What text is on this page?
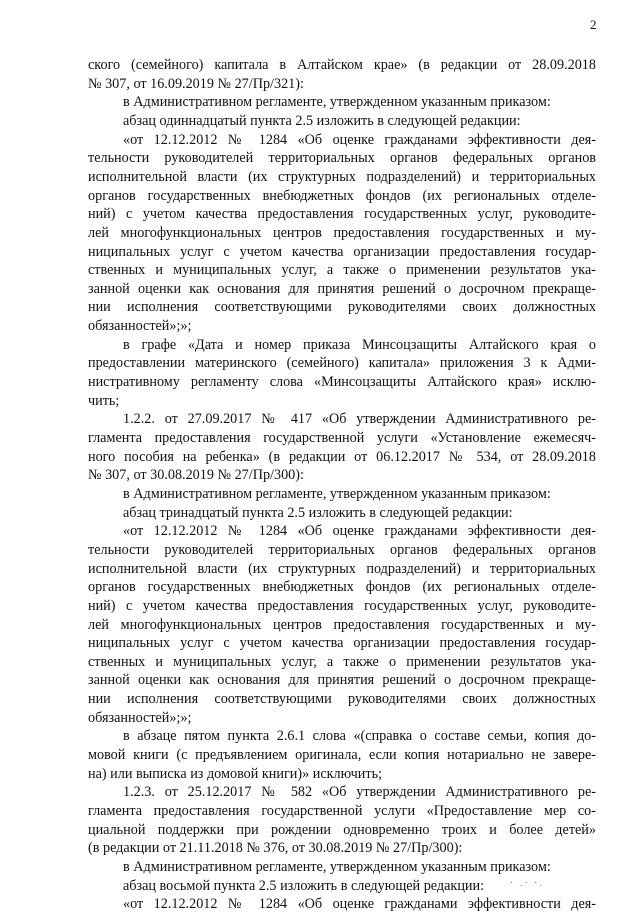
2
ского (семейного) капитала в Алтайском крае» (в редакции от 28.09.2018
№ 307, от 16.09.2019 № 27/Пр/321):
в Административном регламенте, утвержденном указанным приказом:
абзац одиннадцатый пункта 2.5 изложить в следующей редакции:
«от 12.12.2012 № 1284 «Об оценке гражданами эффективности дея-
тельности руководителей территориальных органов федеральных органов
исполнительной власти (их структурных подразделений) и территориальных
органов государственных внебюджетных фондов (их региональных отделе-
ний) с учетом качества предоставления государственных услуг, руководите-
лей многофункциональных центров предоставления государственных и му-
ниципальных услуг с учетом качества организации предоставления государ-
ственных и муниципальных услуг, а также о применении результатов ука-
занной оценки как основания для принятия решений о досрочном прекраще-
нии исполнения соответствующими руководителями своих должностных
обязанностей»;»;
в графе «Дата и номер приказа Минсоцзащиты Алтайского края о
предоставлении материнского (семейного) капитала» приложения 3 к Адми-
нистративному регламенту слова «Минсоцзащиты Алтайского края» исклю-
чить;
1.2.2. от 27.09.2017 № 417 «Об утверждении Административного ре-
гламента предоставления государственной услуги «Установление ежемесяч-
ного пособия на ребенка» (в редакции от 06.12.2017 № 534, от 28.09.2018
№ 307, от 30.08.2019 № 27/Пр/300):
в Административном регламенте, утвержденном указанным приказом:
абзац тринадцатый пункта 2.5 изложить в следующей редакции:
«от 12.12.2012 № 1284 «Об оценке гражданами эффективности дея-
тельности руководителей территориальных органов федеральных органов
исполнительной власти (их структурных подразделений) и территориальных
органов государственных внебюджетных фондов (их региональных отделе-
ний) с учетом качества предоставления государственных услуг, руководите-
лей многофункциональных центров предоставления государственных и му-
ниципальных услуг с учетом качества организации предоставления государ-
ственных и муниципальных услуг, а также о применении результатов ука-
занной оценки как основания для принятия решений о досрочном прекраще-
нии исполнения соответствующими руководителями своих должностных
обязанностей»;»;
в абзаце пятом пункта 2.6.1 слова «(справка о составе семьи, копия до-
мовой книги (с предъявлением оригинала, если копия нотариально не завере-
на) или выписка из домовой книги)» исключить;
1.2.3. от 25.12.2017 № 582 «Об утверждении Административного ре-
гламента предоставления государственной услуги «Предоставление мер со-
циальной поддержки при рождении одновременно троих и более детей»
(в редакции от 21.11.2018 № 376, от 30.08.2019 № 27/Пр/300):
в Административном регламенте, утвержденном указанным приказом:
абзац восьмой пункта 2.5 изложить в следующей редакции:
«от 12.12.2012 № 1284 «Об оценке гражданами эффективности дея-
· .· ·.
